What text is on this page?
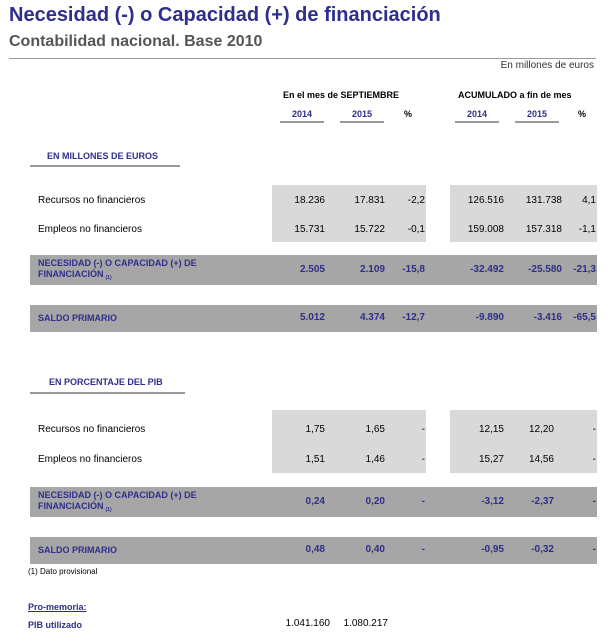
Necesidad (-) o Capacidad (+) de financiación
Contabilidad nacional. Base 2010
En millones de euros
En el mes de SEPTIEMBRE	ACUMULADO a fin de mes
2014	2015	%	2014	2015	%
EN MILLONES DE EUROS
Recursos no financieros	18.236	17.831	-2,2	126.516	131.738	4,1
Empleos no financieros	15.731	15.722	-0,1	159.008	157.318	-1,1
NECESIDAD (-) O CAPACIDAD (+) DE
FINANCIACIÓN $^{(1)}$
2.505	2.109	-15,8	-32.492	-25.580	-21,3
SALDO PRIMARIO	5.012	4.374	-12,7	-9.890	-3.416	-65,5
EN PORCENTAJE DEL PIB
Recursos no financieros	1,75	1,65	-	12,15	12,20	-
Empleos no financieros	1,51	1,46	-	15,27	14,56	-
NECESIDAD (-) O CAPACIDAD (+) DE
FINANCIACIÓN $^{(1)}$
0,24	0,20	-	-3,12	-2,37	-
SALDO PRIMARIO	0,48	0,40	-	-0,95	-0,32	-
(1) Dato provisional
Pro-memoria:
PIB utilizado	1.041.160	1.080.217
